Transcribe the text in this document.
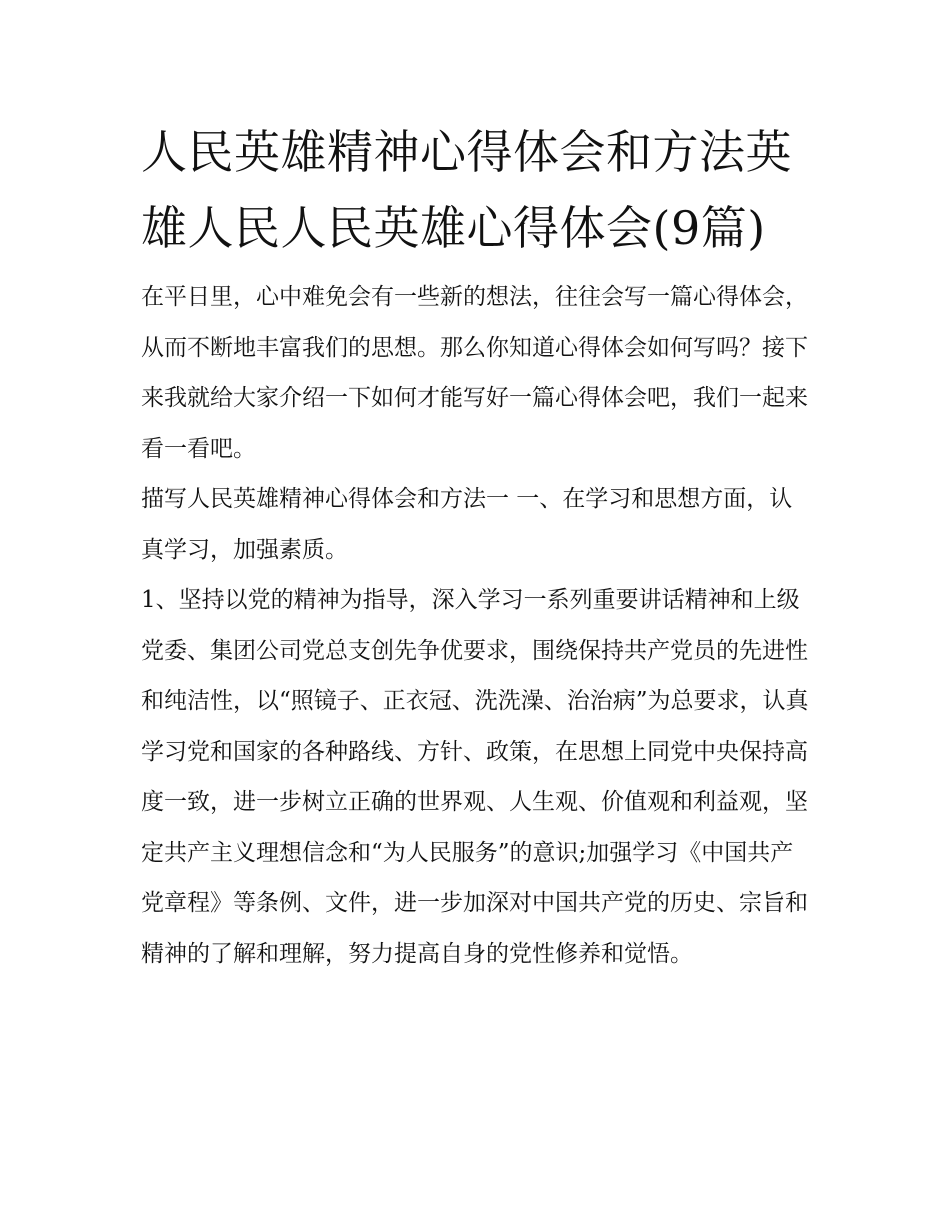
人民英雄精神心得体会和方法英雄人民人民英雄心得体会(9篇)

在平日里，心中难免会有一些新的想法，往往会写一篇心得体会，从而不断地丰富我们的思想。那么你知道心得体会如何写吗？接下来我就给大家介绍一下如何才能写好一篇心得体会吧，我们一起来看一看吧。

描写人民英雄精神心得体会和方法一 一、在学习和思想方面，认真学习，加强素质。

1、坚持以党的精神为指导，深入学习一系列重要讲话精神和上级党委、集团公司党总支创先争优要求，围绕保持共产党员的先进性和纯洁性，以“照镜子、正衣冠、洗洗澡、治治病”为总要求，认真学习党和国家的各种路线、方针、政策，在思想上同党中央保持高度一致，进一步树立正确的世界观、人生观、价值观和利益观，坚定共产主义理想信念和“为人民服务”的意识;加强学习《中国共产党章程》等条例、文件，进一步加深对中国共产党的历史、宗旨和精神的了解和理解，努力提高自身的党性修养和觉悟。
